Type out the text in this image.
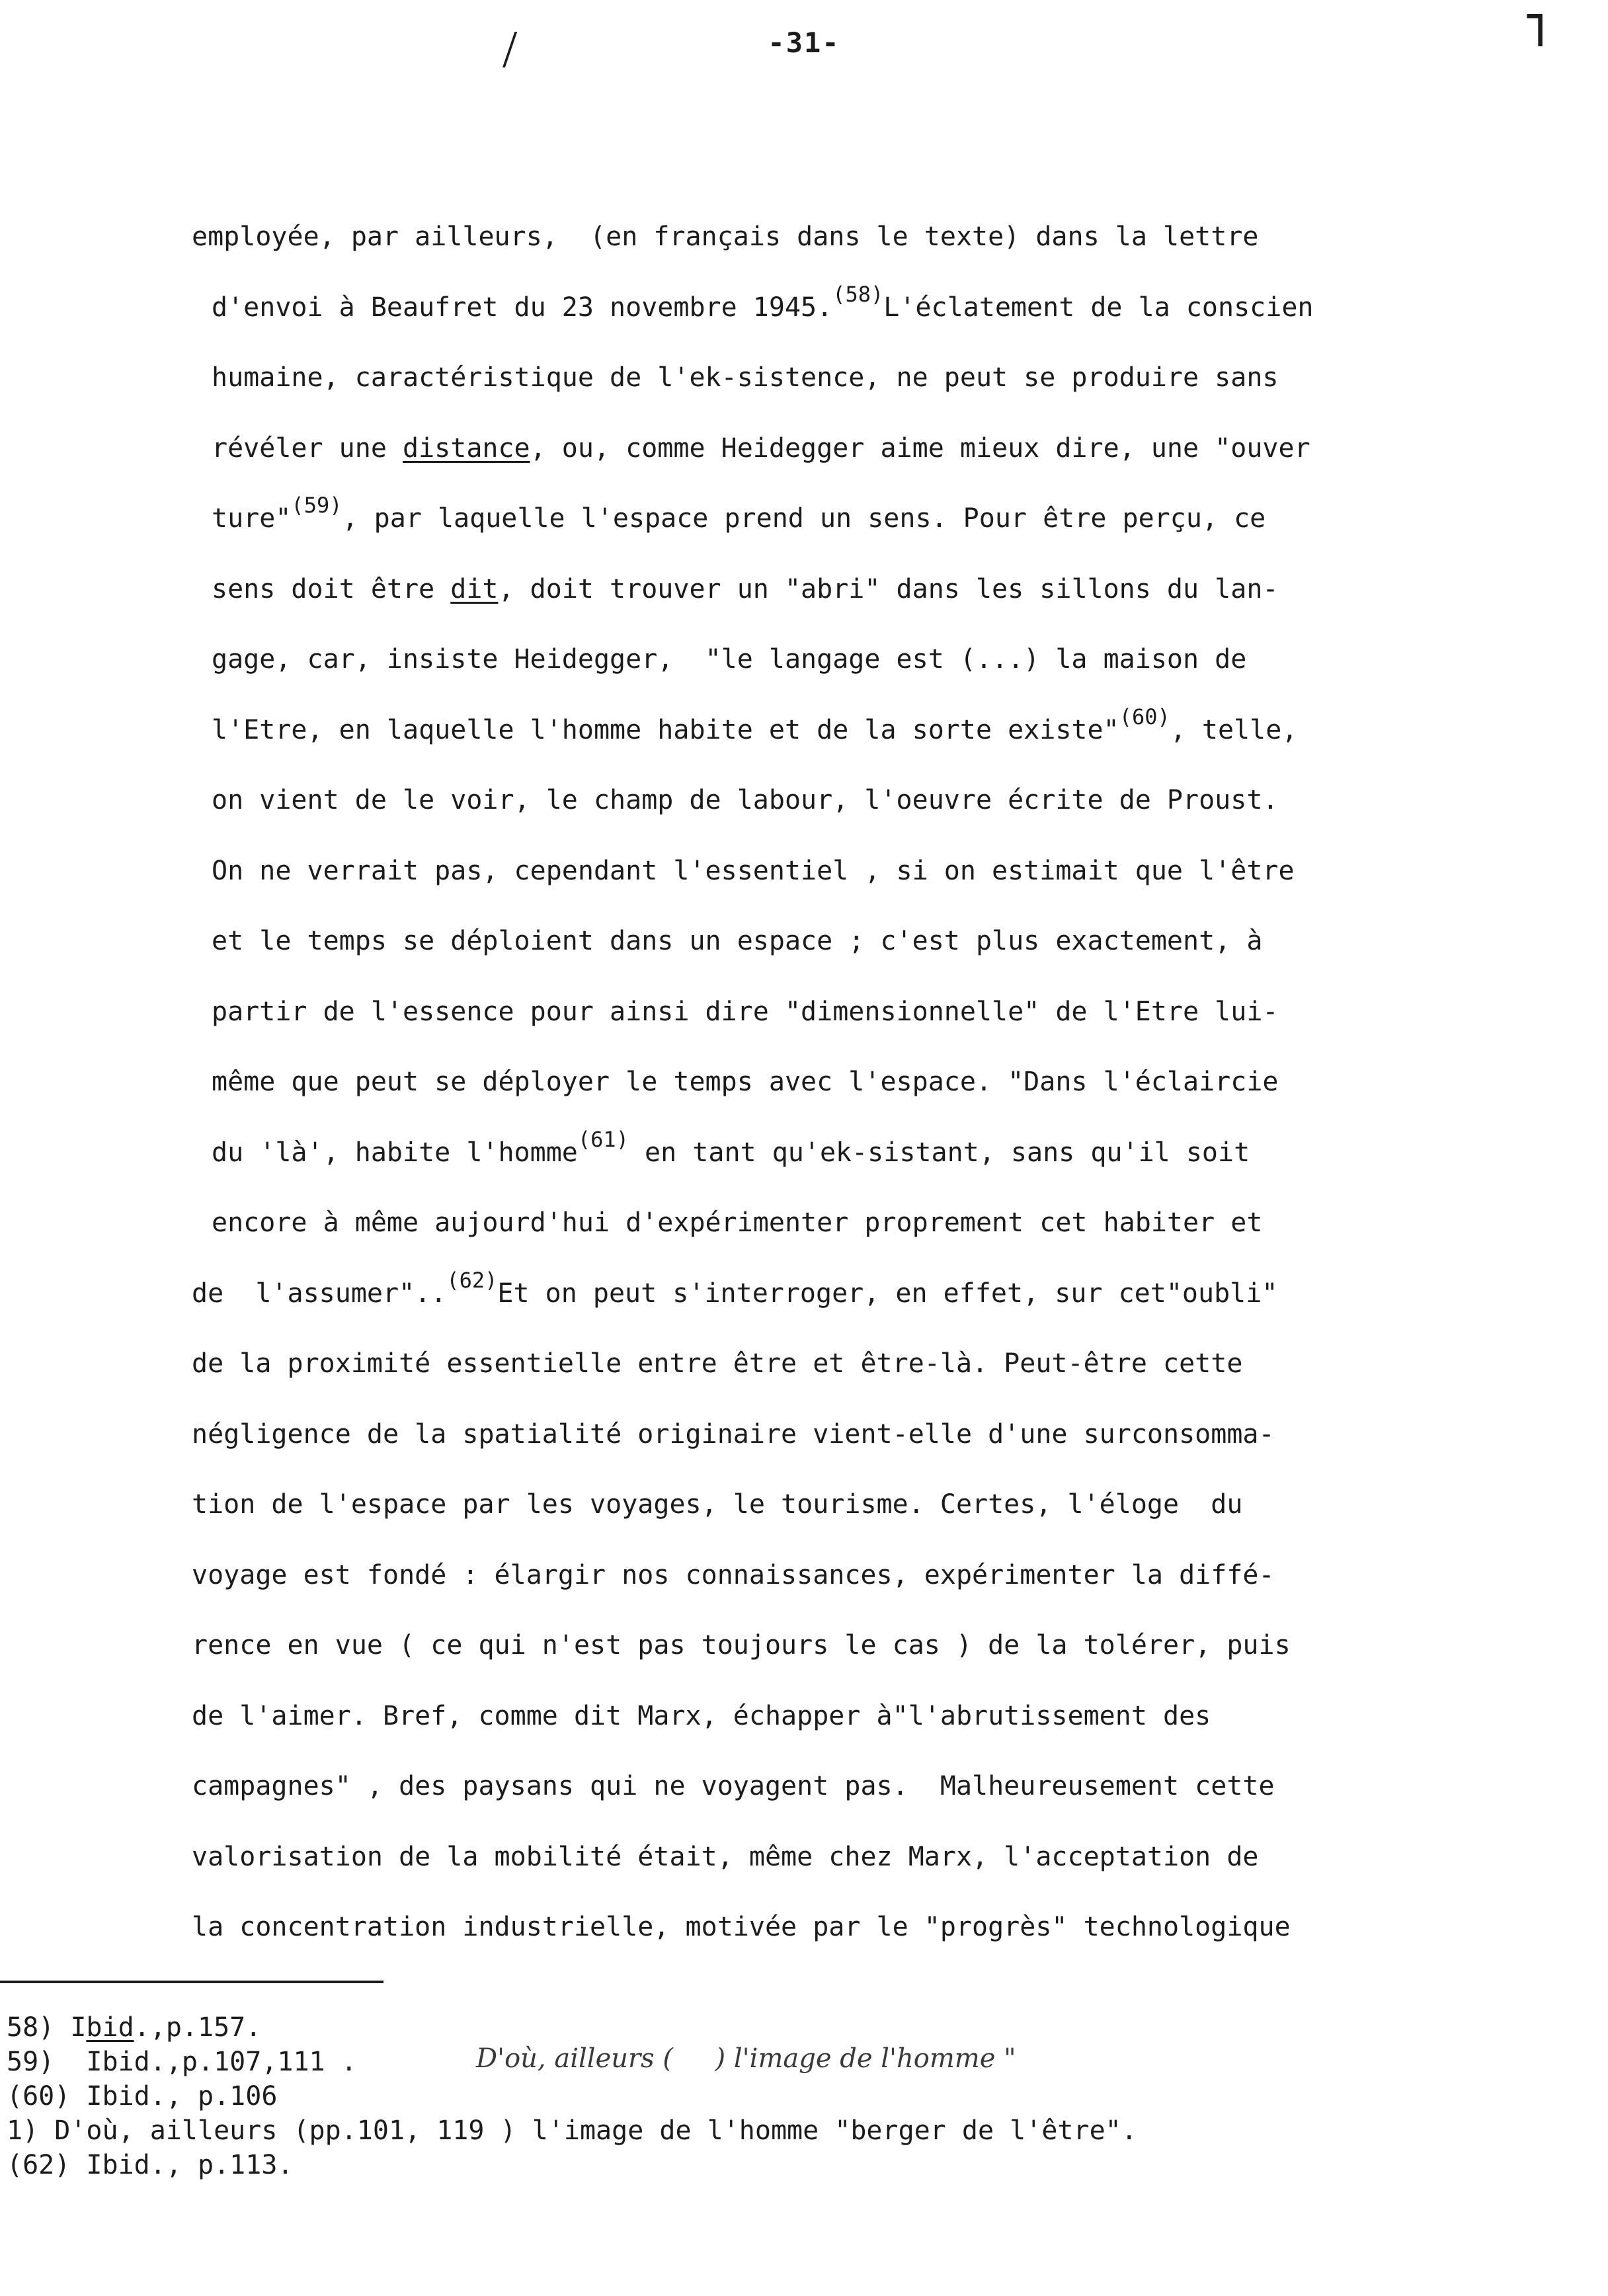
-31-
/	˥
employée, par ailleurs,  (en français dans le texte) dans la lettre
d'envoi à Beaufret du 23 novembre 1945.$^{(58)}$L'éclatement de la conscien
humaine, caractéristique de l'ek-sistence, ne peut se produire sans
révéler une distance, ou, comme Heidegger aime mieux dire, une "ouver
ture"$^{(59)}$, par laquelle l'espace prend un sens. Pour être perçu, ce
sens doit être dit, doit trouver un "abri" dans les sillons du lan-
gage, car, insiste Heidegger,  "le langage est (...) la maison de
l'Etre, en laquelle l'homme habite et de la sorte existe"$^{(60)}$, telle,
on vient de le voir, le champ de labour, l'oeuvre écrite de Proust.
On ne verrait pas, cependant l'essentiel , si on estimait que l'être
et le temps se déploient dans un espace ; c'est plus exactement, à
partir de l'essence pour ainsi dire "dimensionnelle" de l'Etre lui-
même que peut se déployer le temps avec l'espace. "Dans l'éclaircie
du 'là', habite l'homme$^{(61)}$ en tant qu'ek-sistant, sans qu'il soit
encore à même aujourd'hui d'expérimenter proprement cet habiter et
de  l'assumer"..$^{(62)}$Et on peut s'interroger, en effet, sur cet"oubli"
de la proximité essentielle entre être et être-là. Peut-être cette
négligence de la spatialité originaire vient-elle d'une surconsomma-
tion de l'espace par les voyages, le tourisme. Certes, l'éloge  du
voyage est fondé : élargir nos connaissances, expérimenter la diffé-
rence en vue ( ce qui n'est pas toujours le cas ) de la tolérer, puis
de l'aimer. Bref, comme dit Marx, échapper à"l'abrutissement des
campagnes" , des paysans qui ne voyagent pas.  Malheureusement cette
valorisation de la mobilité était, même chez Marx, l'acceptation de
la concentration industrielle, motivée par le "progrès" technologique
58) Ibid.,p.157.
59)  Ibid.,p.107,111 .
(60) Ibid., p.106
1) D'où, ailleurs (pp.101, 119 ) l'image de l'homme "berger de l'être".
(62) Ibid., p.113.
D'où, ailleurs (     ) l'image de l'homme "
